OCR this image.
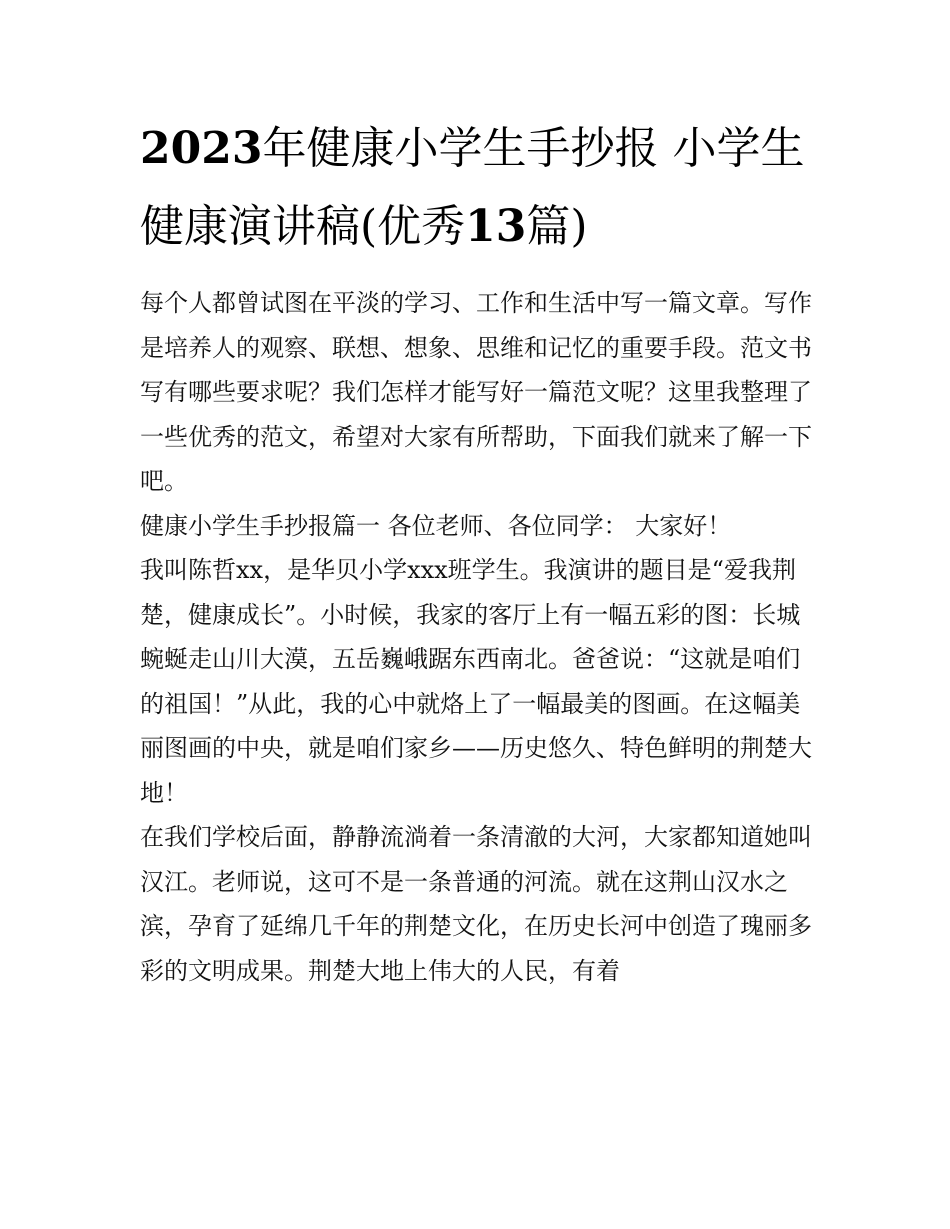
2023年健康小学生手抄报 小学生健康演讲稿(优秀13篇)

每个人都曾试图在平淡的学习、工作和生活中写一篇文章。写作是培养人的观察、联想、想象、思维和记忆的重要手段。范文书写有哪些要求呢？我们怎样才能写好一篇范文呢？这里我整理了一些优秀的范文，希望对大家有所帮助，下面我们就来了解一下吧。

健康小学生手抄报篇一 各位老师、各位同学： 大家好！

我叫陈哲xx，是华贝小学xxx班学生。我演讲的题目是“爱我荆楚，健康成长”。小时候，我家的客厅上有一幅五彩的图：长城蜿蜒走山川大漠，五岳巍峨踞东西南北。爸爸说：“这就是咱们的祖国！”从此，我的心中就烙上了一幅最美的图画。在这幅美丽图画的中央，就是咱们家乡——历史悠久、特色鲜明的荆楚大地！

在我们学校后面，静静流淌着一条清澈的大河，大家都知道她叫汉江。老师说，这可不是一条普通的河流。就在这荆山汉水之滨，孕育了延绵几千年的荆楚文化，在历史长河中创造了瑰丽多彩的文明成果。荆楚大地上伟大的人民，有着
